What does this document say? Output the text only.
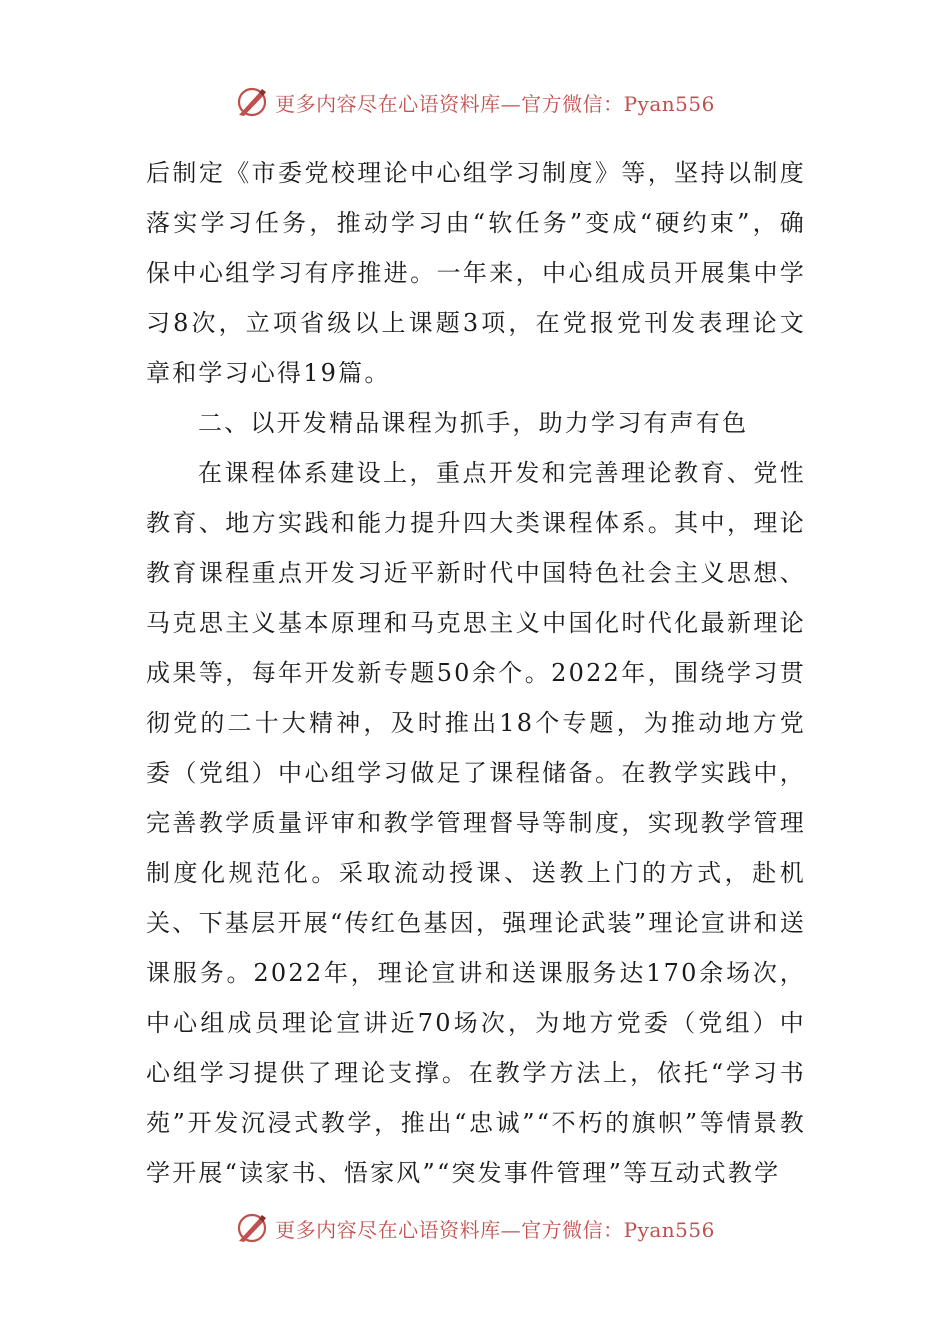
更多内容尽在心语资料库—官方微信：Pyan556

后制定《市委党校理论中心组学习制度》等，坚持以制度落实学习任务，推动学习由“软任务”变成“硬约束”，确保中心组学习有序推进。一年来，中心组成员开展集中学习8次，立项省级以上课题3项，在党报党刊发表理论文章和学习心得19篇。

二、以开发精品课程为抓手，助力学习有声有色

在课程体系建设上，重点开发和完善理论教育、党性教育、地方实践和能力提升四大类课程体系。其中，理论教育课程重点开发习近平新时代中国特色社会主义思想、马克思主义基本原理和马克思主义中国化时代化最新理论成果等，每年开发新专题50余个。2022年，围绕学习贯彻党的二十大精神，及时推出18个专题，为推动地方党委（党组）中心组学习做足了课程储备。在教学实践中，完善教学质量评审和教学管理督导等制度，实现教学管理制度化规范化。采取流动授课、送教上门的方式，赴机关、下基层开展“传红色基因，强理论武装”理论宣讲和送课服务。2022年，理论宣讲和送课服务达170余场次，中心组成员理论宣讲近70场次，为地方党委（党组）中心组学习提供了理论支撑。在教学方法上，依托“学习书苑”开发沉浸式教学，推出“忠诚”“不朽的旗帜”等情景教学开展“读家书、悟家风”“突发事件管理”等互动式教学

更多内容尽在心语资料库—官方微信：Pyan556
